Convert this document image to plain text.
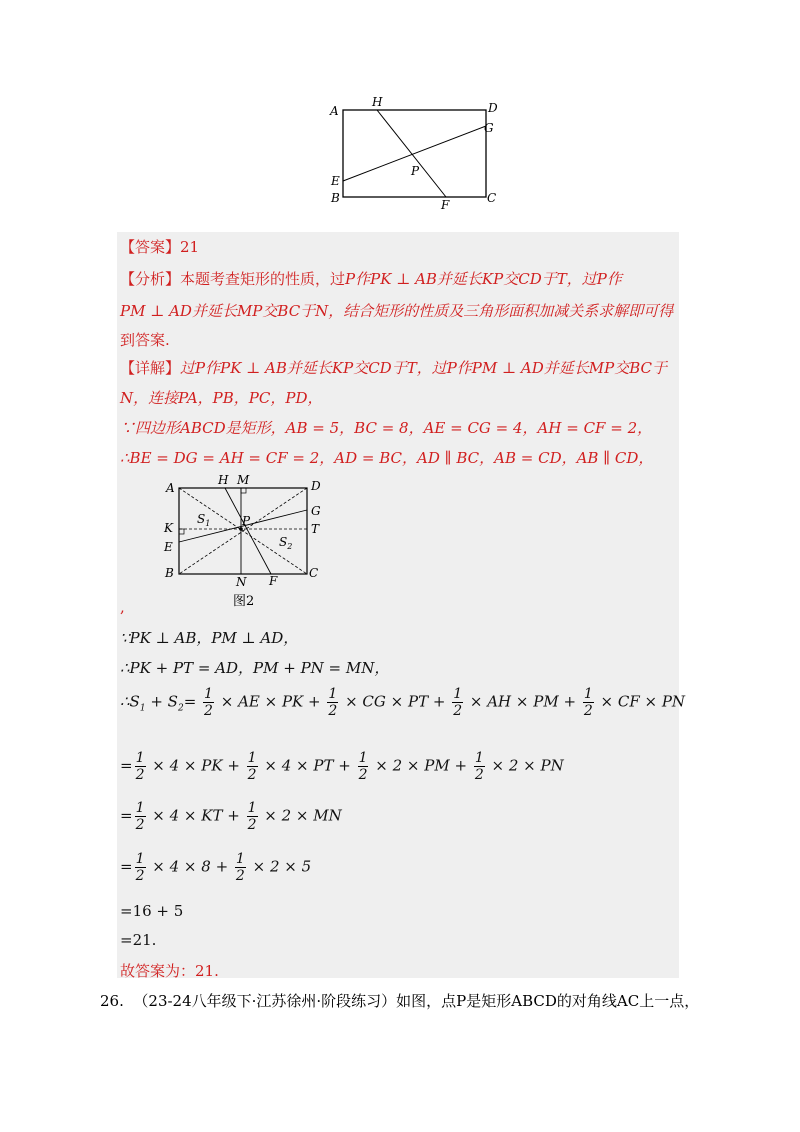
A
H	D
G
P
E
B	F	C
【答案】21
【分析】本题考查矩形的性质，过P作PK ⊥ AB并延长KP交CD于T，过P作
PM ⊥ AD并延长MP交BC于N，结合矩形的性质及三角形面积加减关系求解即可得
到答案.
【详解】过P作PK ⊥ AB并延长KP交CD于T，过P作PM ⊥ AD并延长MP交BC于
N，连接PA，PB，PC，PD，
∵四边形ABCD是矩形，AB = 5，BC = 8，AE = CG = 4，AH = CF = 2，
∴BE = DG = AH = CF = 2，AD = BC，AD ∥ BC，AB = CD，AB ∥ CD，
A
H M	D
K
$S_1$	P
T
G
E	$S_2$
B
N F
C
图2
,
∵PK ⊥ AB，PM ⊥ AD，
∴PK + PT = AD，PM + PN = MN，
$\therefore S_1 + S_2= \frac{1}{2}$ × AE × PK + $\frac{1}{2}$ × CG × PT + $\frac{1}{2}$ × AH × PM + $\frac{1}{2}$ × CF × PN
= $\frac{1}{2} \times 4$ × PK + $\frac{1}{2} \times 4$ × PT + $\frac{1}{2} \times 2$ × PM + $\frac{1}{2} \times 2$ × PN
= $\frac{1}{2} \times 4$ × KT + $\frac{1}{2} \times 2$ × MN
= $\frac{1}{2} \times 4 \times 8 + \frac{1}{2} \times 2 \times 5$
=16 + 5
=21.
故答案为：21.
26. （23-24八年级下·江苏徐州·阶段练习）如图，点P是矩形ABCD的对角线AC上一点，
